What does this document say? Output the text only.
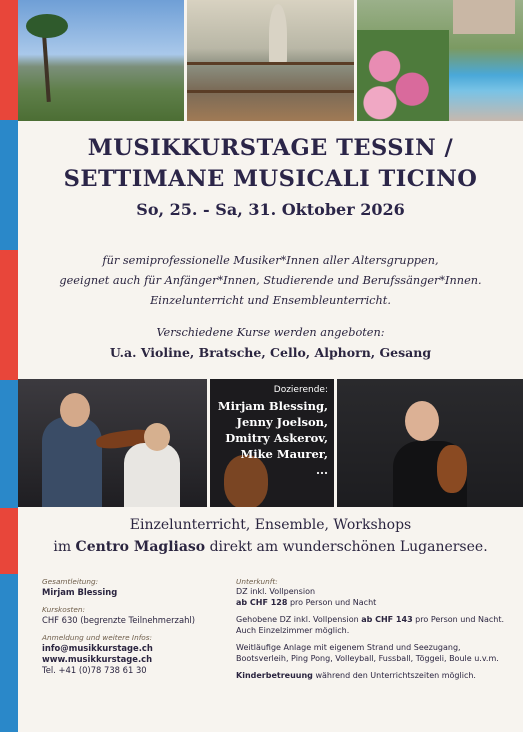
MUSIKKURSTAGE TESSIN /
SETTIMANE MUSICALI TICINO
So, 25. - Sa, 31. Oktober 2026
für semiprofessionelle Musiker*Innen aller Altersgruppen,
geeignet auch für Anfänger*Innen, Studierende und Berufssänger*Innen.
Einzelunterricht und Ensembleunterricht.
Verschiedene Kurse werden angeboten:
U.a. Violine, Bratsche, Cello, Alphorn, Gesang
Dozierende:
Mirjam Blessing,
Jenny Joelson,
Dmitry Askerov,
Mike Maurer,
...
Einzelunterricht, Ensemble, Workshops
im Centro Magliaso direkt am wunderschönen Luganersee.
Gesamtleitung:
Mirjam Blessing
Kurskosten:
CHF 630 (begrenzte Teilnehmerzahl)
Anmeldung und weitere Infos:
info@musikkurstage.ch
www.musikkurstage.ch
Tel. +41 (0)78 738 61 30
Unterkunft:
DZ inkl. Vollpension
ab CHF 128 pro Person und Nacht
Gehobene DZ inkl. Vollpension ab CHF 143 pro Person und Nacht.
Auch Einzelzimmer möglich.
Weitläufige Anlage mit eigenem Strand und Seezugang,
Bootsverleih, Ping Pong, Volleyball, Fussball, Töggeli, Boule u.v.m.
Kinderbetreuung während den Unterrichtszeiten möglich.
